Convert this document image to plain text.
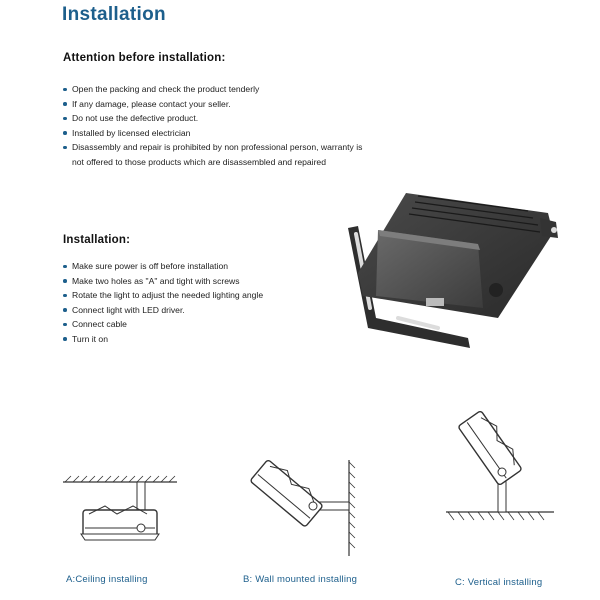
Installation
Attention before installation:
Open the packing and check the product tenderly
If any damage, please contact your seller.
Do not use the defective product.
Installed by licensed electrician
Disassembly and repair is prohibited by non professional person, warranty is
not offered to those products which are disassembled and repaired
Installation:
Make sure power is off before installation
Make two holes as "A" and tight with screws
Rotate the light to adjust the needed lighting angle
Connect light with LED driver.
Connect cable
Turn it on
A:Ceiling installing	B: Wall mounted installing	C: Vertical installing
